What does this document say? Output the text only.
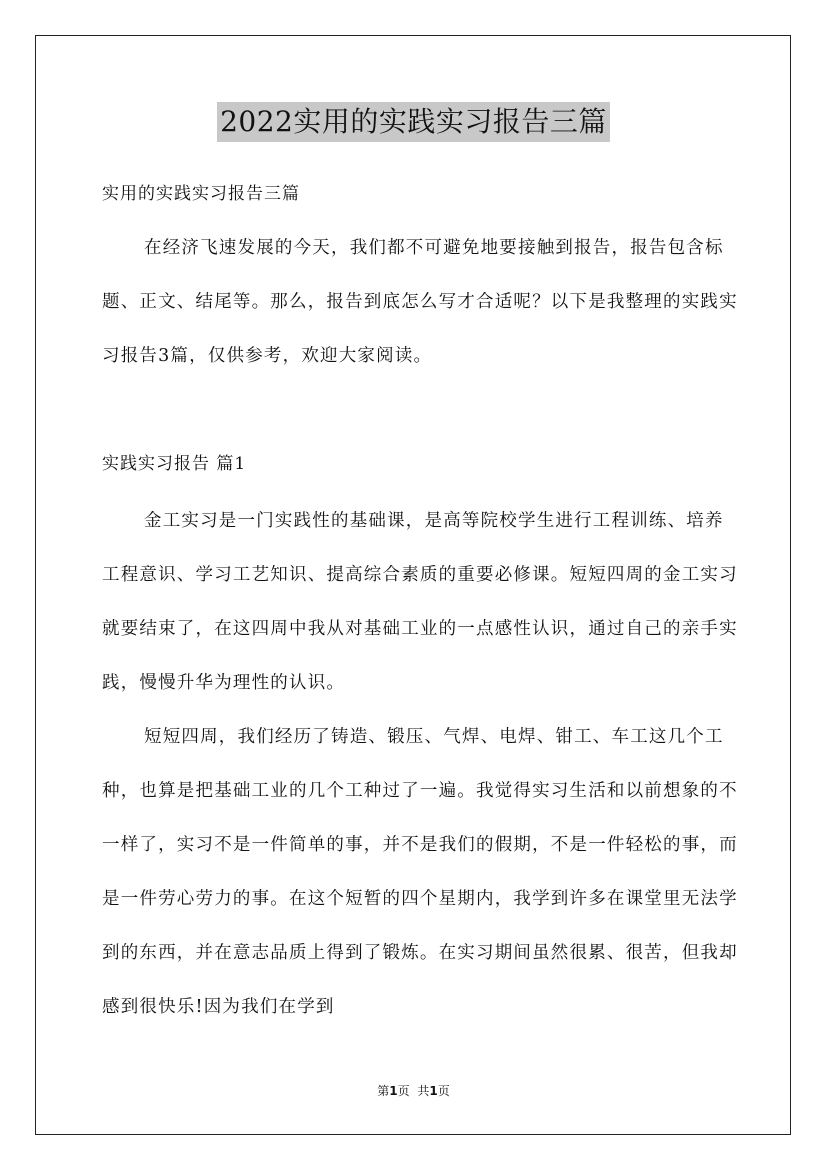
2022实用的实践实习报告三篇
实用的实践实习报告三篇

在经济飞速发展的今天，我们都不可避免地要接触到报告，报告包含标题、正文、结尾等。那么，报告到底怎么写才合适呢？以下是我整理的实践实习报告3篇，仅供参考，欢迎大家阅读。

实践实习报告 篇1

金工实习是一门实践性的基础课，是高等院校学生进行工程训练、培养工程意识、学习工艺知识、提高综合素质的重要必修课。短短四周的金工实习就要结束了，在这四周中我从对基础工业的一点感性认识，通过自己的亲手实践，慢慢升华为理性的认识。

短短四周，我们经历了铸造、锻压、气焊、电焊、钳工、车工这几个工种，也算是把基础工业的几个工种过了一遍。我觉得实习生活和以前想象的不一样了，实习不是一件简单的事，并不是我们的假期，不是一件轻松的事，而是一件劳心劳力的事。在这个短暂的四个星期内，我学到许多在课堂里无法学到的东西，并在意志品质上得到了锻炼。在实习期间虽然很累、很苦，但我却感到很快乐!因为我们在学到

第1页 共1页
